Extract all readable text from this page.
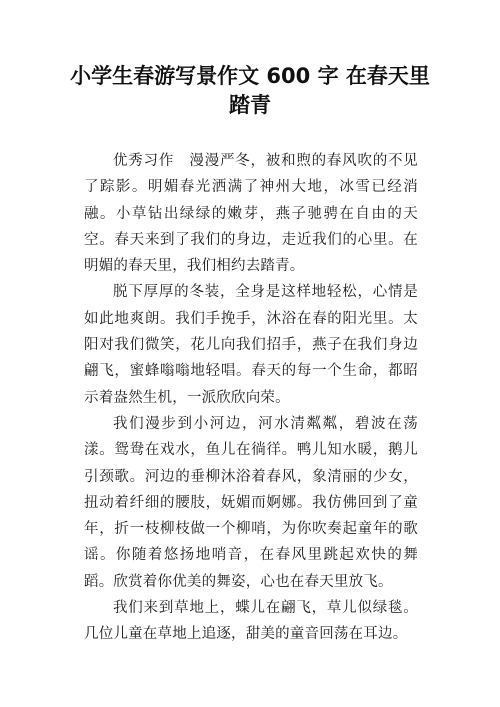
小学生春游写景作文 600 字 在春天里
踏青

优秀习作　漫漫严冬，被和煦的春风吹的不见了踪影。明媚春光洒满了神州大地，冰雪已经消融。小草钻出绿绿的嫩芽，燕子驰骋在自由的天空。春天来到了我们的身边，走近我们的心里。在明媚的春天里，我们相约去踏青。

脱下厚厚的冬装，全身是这样地轻松，心情是如此地爽朗。我们手挽手，沐浴在春的阳光里。太阳对我们微笑，花儿向我们招手，燕子在我们身边翩飞，蜜蜂嗡嗡地轻唱。春天的每一个生命，都昭示着盎然生机，一派欣欣向荣。

我们漫步到小河边，河水清粼粼，碧波在荡漾。鸳鸯在戏水，鱼儿在徜徉。鸭儿知水暖，鹅儿引颈歌。河边的垂柳沐浴着春风，象清丽的少女，扭动着纤细的腰肢，妩媚而婀娜。我仿佛回到了童年，折一枝柳枝做一个柳哨，为你吹奏起童年的歌谣。你随着悠扬地哨音，在春风里跳起欢快的舞蹈。欣赏着你优美的舞姿，心也在春天里放飞。

我们来到草地上，蝶儿在翩飞，草儿似绿毯。几位儿童在草地上追逐，甜美的童音回荡在耳边。
